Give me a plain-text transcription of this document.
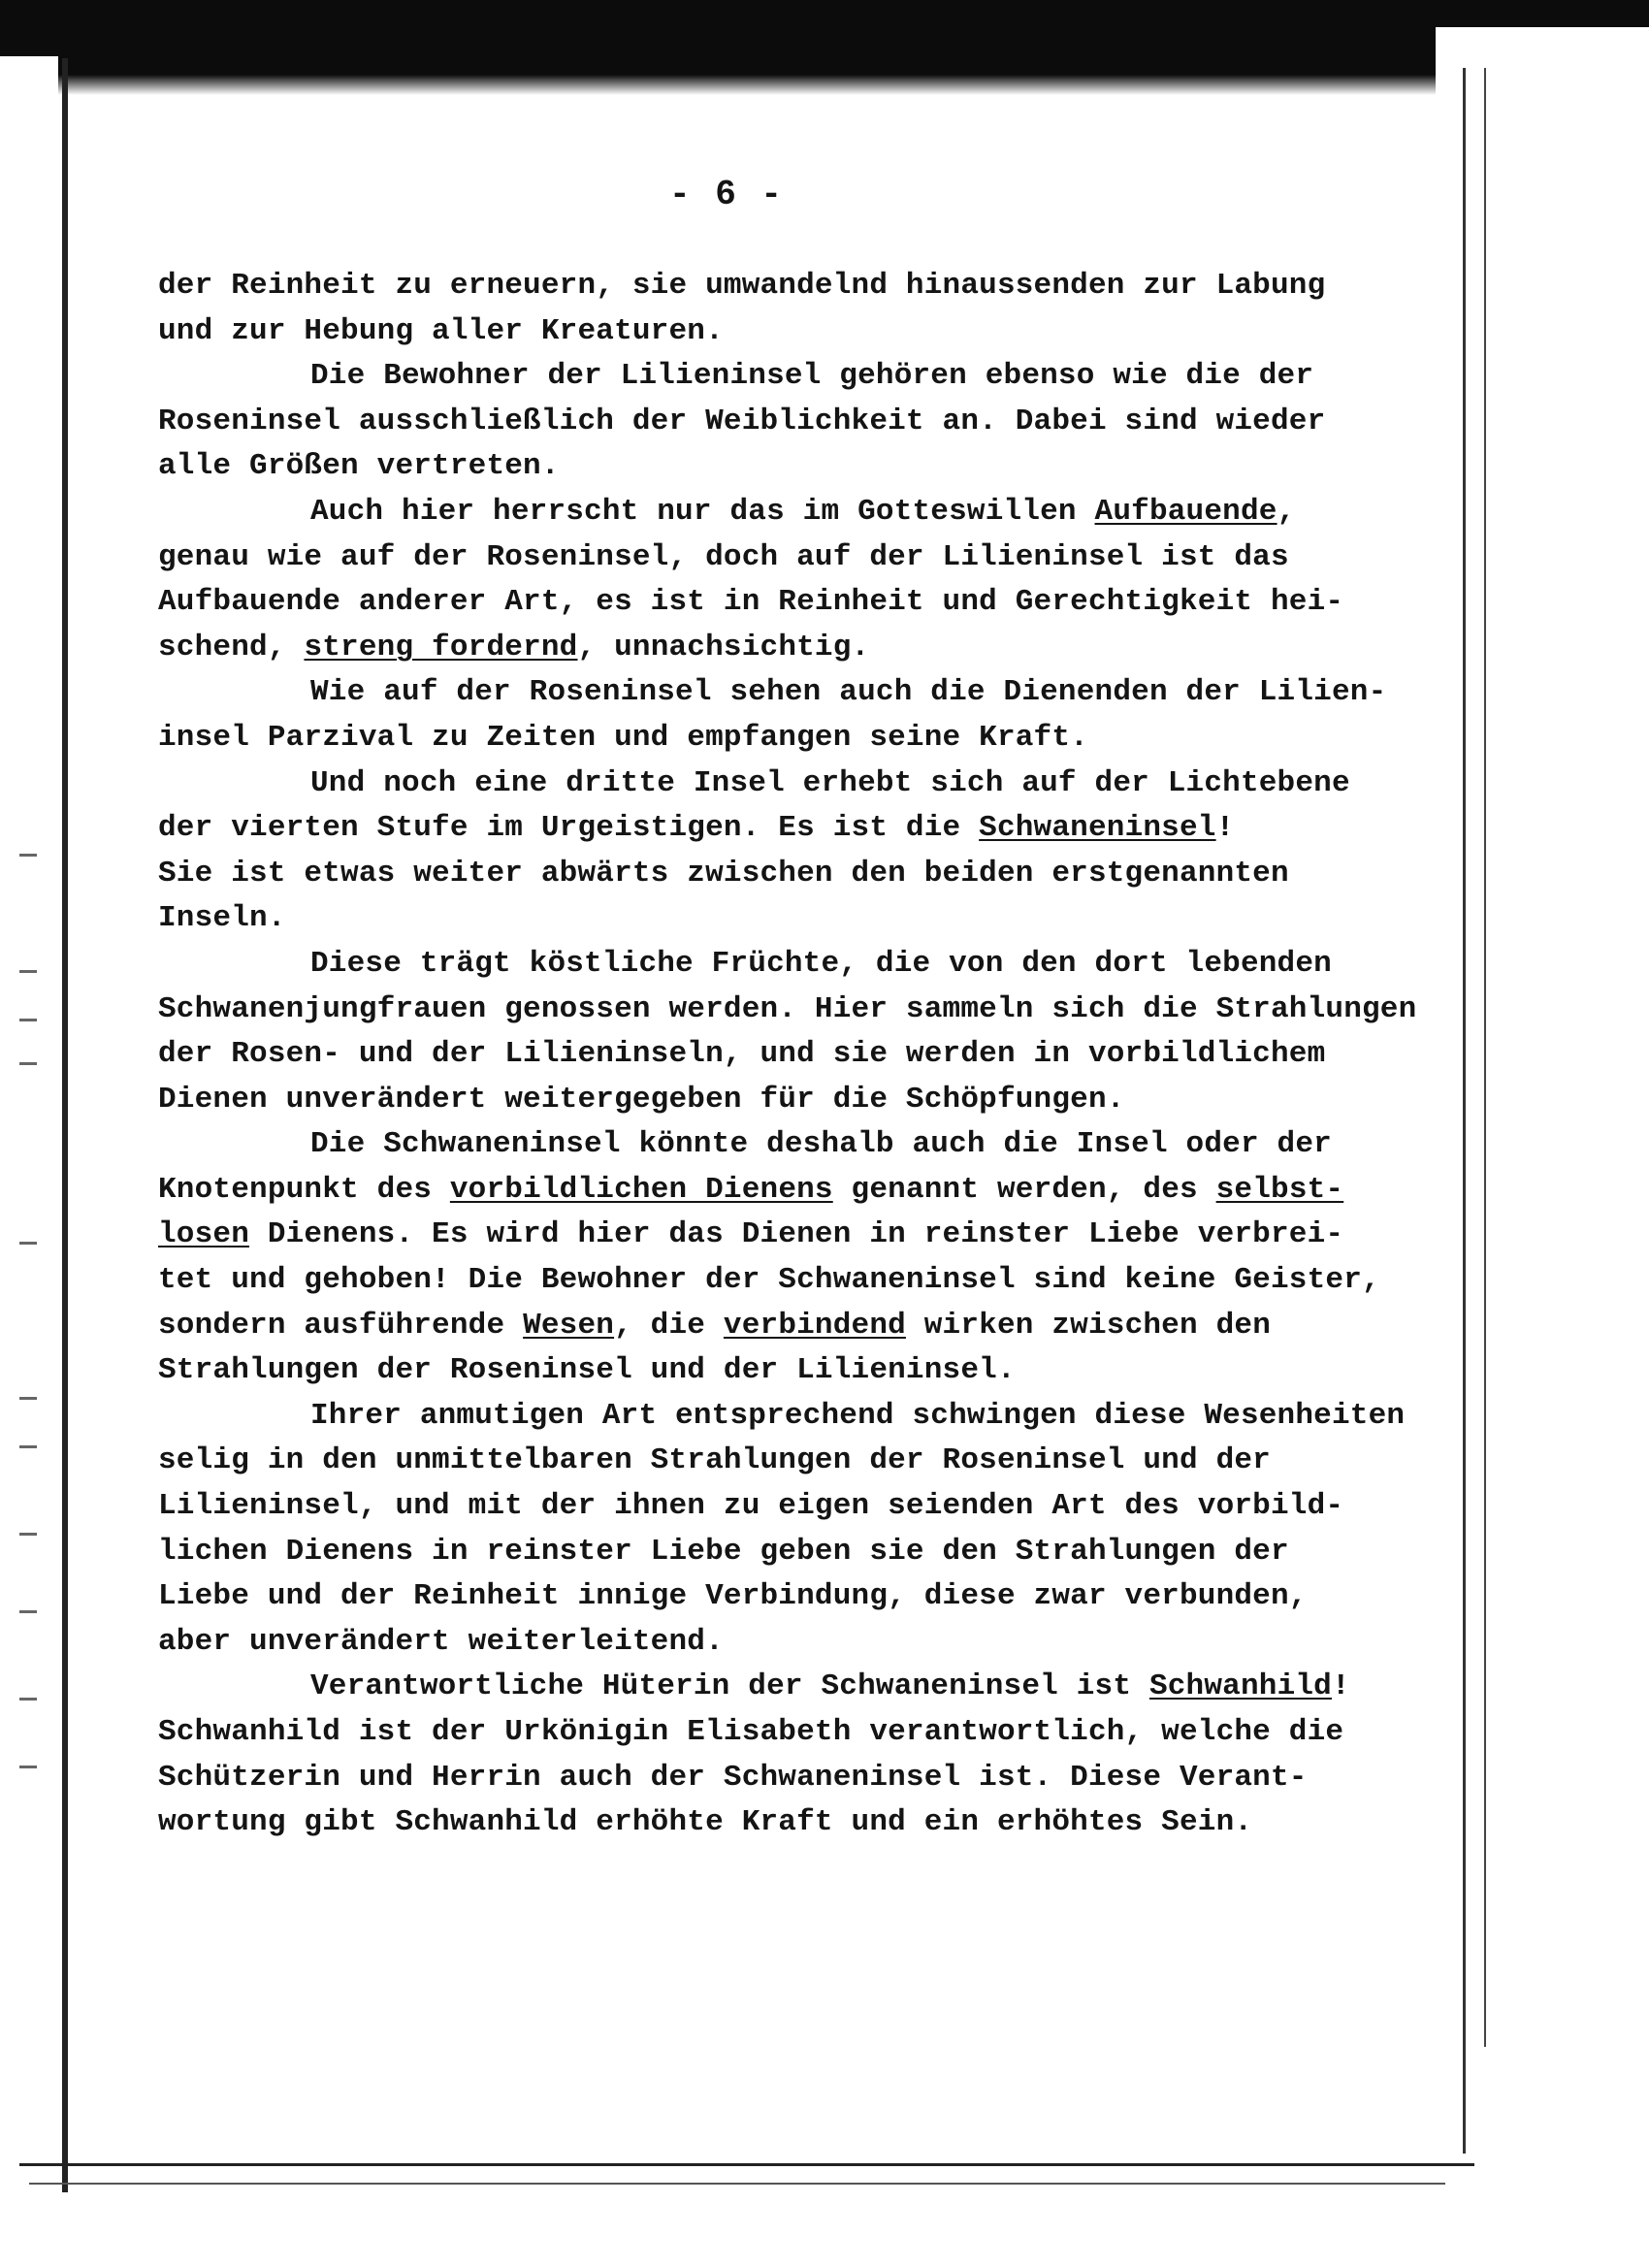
- 6 -
der Reinheit zu erneuern, sie umwandelnd hinaussenden zur Labung
und zur Hebung aller Kreaturen.
Die Bewohner der Lilieninsel gehören ebenso wie die der
Roseninsel ausschließlich der Weiblichkeit an. Dabei sind wieder
alle Größen vertreten.
Auch hier herrscht nur das im Gotteswillen Aufbauende,
genau wie auf der Roseninsel, doch auf der Lilieninsel ist das
Aufbauende anderer Art, es ist in Reinheit und Gerechtigkeit hei-
schend, streng fordernd, unnachsichtig.
Wie auf der Roseninsel sehen auch die Dienenden der Lilien-
insel Parzival zu Zeiten und empfangen seine Kraft.
Und noch eine dritte Insel erhebt sich auf der Lichtebene
der vierten Stufe im Urgeistigen. Es ist die Schwaneninsel!
Sie ist etwas weiter abwärts zwischen den beiden erstgenannten
Inseln.
Diese trägt köstliche Früchte, die von den dort lebenden
Schwanenjungfrauen genossen werden. Hier sammeln sich die Strahlungen
der Rosen- und der Lilieninseln, und sie werden in vorbildlichem
Dienen unverändert weitergegeben für die Schöpfungen.
Die Schwaneninsel könnte deshalb auch die Insel oder der
Knotenpunkt des vorbildlichen Dienens genannt werden, des selbst-
losen Dienens. Es wird hier das Dienen in reinster Liebe verbrei-
tet und gehoben! Die Bewohner der Schwaneninsel sind keine Geister,
sondern ausführende Wesen, die verbindend wirken zwischen den
Strahlungen der Roseninsel und der Lilieninsel.
Ihrer anmutigen Art entsprechend schwingen diese Wesenheiten
selig in den unmittelbaren Strahlungen der Roseninsel und der
Lilieninsel, und mit der ihnen zu eigen seienden Art des vorbild-
lichen Dienens in reinster Liebe geben sie den Strahlungen der
Liebe und der Reinheit innige Verbindung, diese zwar verbunden,
aber unverändert weiterleitend.
Verantwortliche Hüterin der Schwaneninsel ist Schwanhild!
Schwanhild ist der Urkönigin Elisabeth verantwortlich, welche die
Schützerin und Herrin auch der Schwaneninsel ist. Diese Verant-
wortung gibt Schwanhild erhöhte Kraft und ein erhöhtes Sein.
